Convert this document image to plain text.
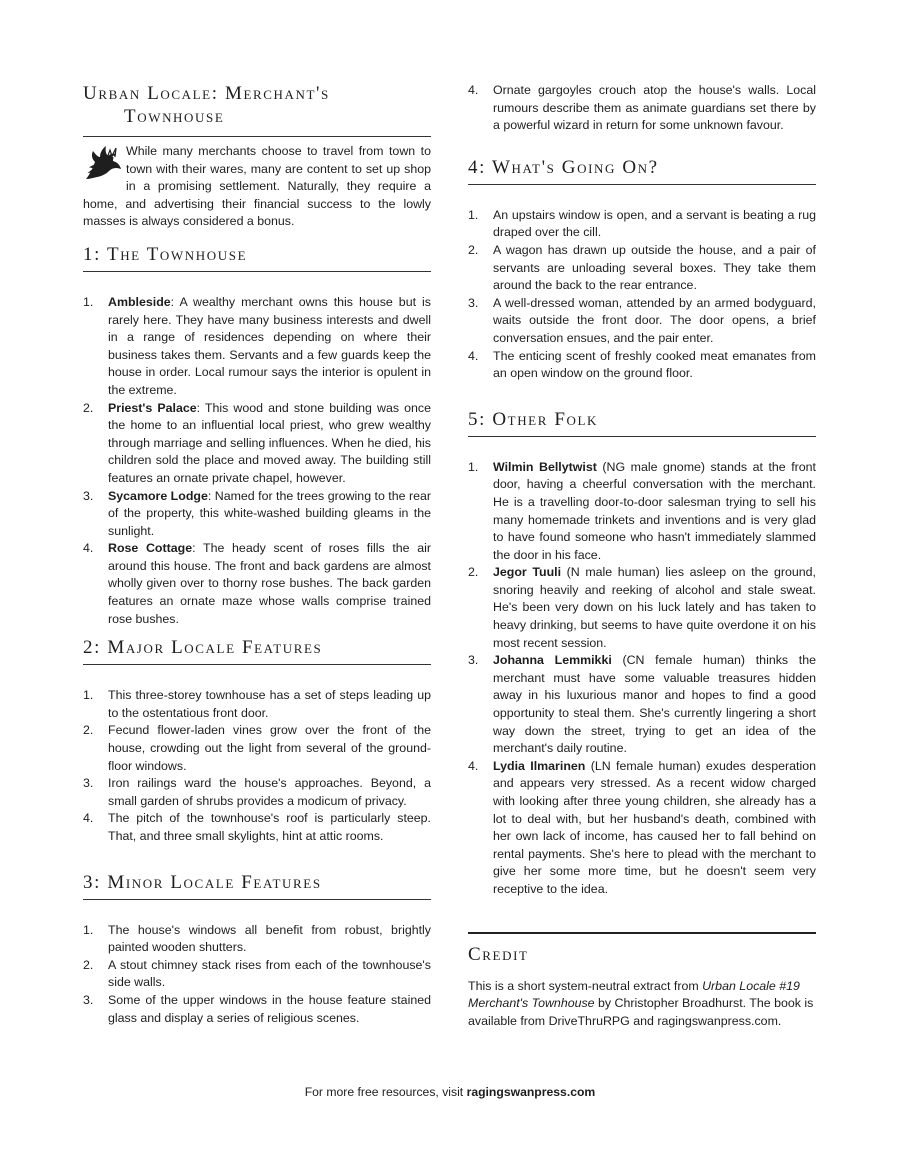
Urban Locale: Merchant's
Townhouse
While many merchants choose to travel from town to town with their wares, many are content to set up shop in a promising settlement. Naturally, they require a home, and advertising their financial success to the lowly masses is always considered a bonus.
1: The Townhouse
1. Ambleside: A wealthy merchant owns this house but is rarely here. They have many business interests and dwell in a range of residences depending on where their business takes them. Servants and a few guards keep the house in order. Local rumour says the interior is opulent in the extreme.
2. Priest's Palace: This wood and stone building was once the home to an influential local priest, who grew wealthy through marriage and selling influences. When he died, his children sold the place and moved away. The building still features an ornate private chapel, however.
3. Sycamore Lodge: Named for the trees growing to the rear of the property, this white-washed building gleams in the sunlight.
4. Rose Cottage: The heady scent of roses fills the air around this house. The front and back gardens are almost wholly given over to thorny rose bushes. The back garden features an ornate maze whose walls comprise trained rose bushes.
2: Major Locale Features
1. This three-storey townhouse has a set of steps leading up to the ostentatious front door.
2. Fecund flower-laden vines grow over the front of the house, crowding out the light from several of the ground-floor windows.
3. Iron railings ward the house's approaches. Beyond, a small garden of shrubs provides a modicum of privacy.
4. The pitch of the townhouse's roof is particularly steep. That, and three small skylights, hint at attic rooms.
3: Minor Locale Features
1. The house's windows all benefit from robust, brightly painted wooden shutters.
2. A stout chimney stack rises from each of the townhouse's side walls.
3. Some of the upper windows in the house feature stained glass and display a series of religious scenes.
4. Ornate gargoyles crouch atop the house's walls. Local rumours describe them as animate guardians set there by a powerful wizard in return for some unknown favour.
4: What's Going On?
1. An upstairs window is open, and a servant is beating a rug draped over the cill.
2. A wagon has drawn up outside the house, and a pair of servants are unloading several boxes. They take them around the back to the rear entrance.
3. A well-dressed woman, attended by an armed bodyguard, waits outside the front door. The door opens, a brief conversation ensues, and the pair enter.
4. The enticing scent of freshly cooked meat emanates from an open window on the ground floor.
5: Other Folk
1. Wilmin Bellytwist (NG male gnome) stands at the front door, having a cheerful conversation with the merchant. He is a travelling door-to-door salesman trying to sell his many homemade trinkets and inventions and is very glad to have found someone who hasn't immediately slammed the door in his face.
2. Jegor Tuuli (N male human) lies asleep on the ground, snoring heavily and reeking of alcohol and stale sweat. He's been very down on his luck lately and has taken to heavy drinking, but seems to have quite overdone it on his most recent session.
3. Johanna Lemmikki (CN female human) thinks the merchant must have some valuable treasures hidden away in his luxurious manor and hopes to find a good opportunity to steal them. She's currently lingering a short way down the street, trying to get an idea of the merchant's daily routine.
4. Lydia Ilmarinen (LN female human) exudes desperation and appears very stressed. As a recent widow charged with looking after three young children, she already has a lot to deal with, but her husband's death, combined with her own lack of income, has caused her to fall behind on rental payments. She's here to plead with the merchant to give her some more time, but he doesn't seem very receptive to the idea.
Credit

This is a short system-neutral extract from Urban Locale #19 Merchant's Townhouse by Christopher Broadhurst. The book is available from DriveThruRPG and ragingswanpress.com.

For more free resources, visit ragingswanpress.com
